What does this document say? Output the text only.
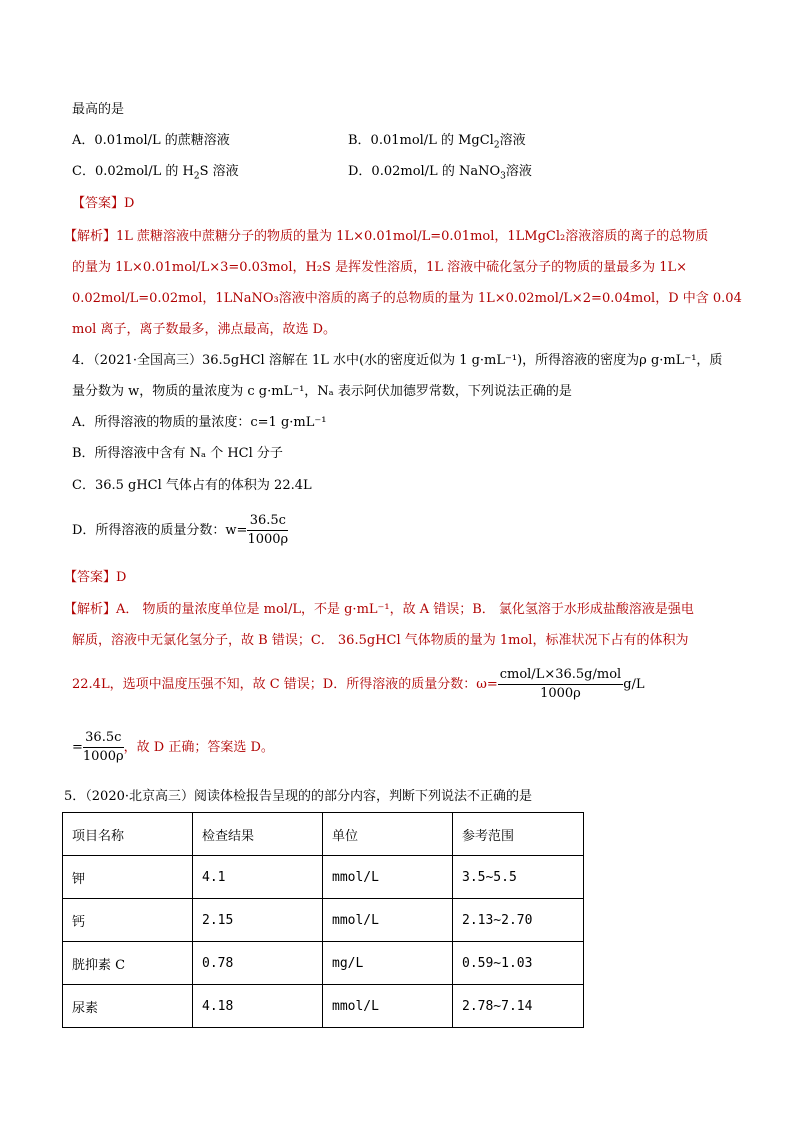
最高的是
A．0.01mol/L 的蔗糖溶液	B．0.01mol/L 的 MgCl$_2$溶液
C．0.02mol/L 的 $H_2S$ 溶液	D．0.02mol/L 的 NaNO$_3$溶液
【答案】D
【解析】1L 蔗糖溶液中蔗糖分子的物质的量为 1L×0.01mol/L=0.01mol，1LMgCl₂溶液溶质的离子的总物质
的量为 1L×0.01mol/L×3=0.03mol，H₂S 是挥发性溶质，1L 溶液中硫化氢分子的物质的量最多为 1L×
0.02mol/L=0.02mol，1LNaNO₃溶液中溶质的离子的总物质的量为 1L×0.02mol/L×2=0.04mol，D 中含 0.04
mol 离子，离子数最多，沸点最高，故选 D。
4．（2021·全国高三）36.5gHCl 溶解在 1L 水中(水的密度近似为 1 g·mL⁻¹)，所得溶液的密度为ρ g·mL⁻¹，质
量分数为 w，物质的量浓度为 c g·mL⁻¹，Nₐ 表示阿伏加德罗常数，下列说法正确的是
A．所得溶液的物质的量浓度：c=1 g·mL⁻¹
B．所得溶液中含有 Nₐ 个 HCl 分子
C．36.5 gHCl 气体占有的体积为 22.4L
D．所得溶液的质量分数：$w= \frac{36.5c}{1000\rho}$
【答案】D
【解析】A． 物质的量浓度单位是 mol/L，不是 g·mL⁻¹，故 A 错误；B． 氯化氢溶于水形成盐酸溶液是强电
解质，溶液中无氯化氢分子，故 B 错误；C． 36.5gHCl 气体物质的量为 1mol，标准状况下占有的体积为
22.4L，选项中温度压强不知，故 C 错误；D．所得溶液的质量分数：$\omega= \frac{\text{cmol/L×36.5g/mol}}{1000\rho} g/L$
= $\frac{36.5c}{1000\rho}$ ，故 D 正确；答案选 D。
5．（2020·北京高三）阅读体检报告呈现的的部分内容，判断下列说法不正确的是
项目名称	检查结果	单位	参考范围
钾	4.1	mmol/L	3.5~5.5
钙	2.15	mmol/L	2.13~2.70
胱抑素 C	0.78	mg/L	0.59~1.03
尿素	4.18	mmol/L	2.78~7.14
